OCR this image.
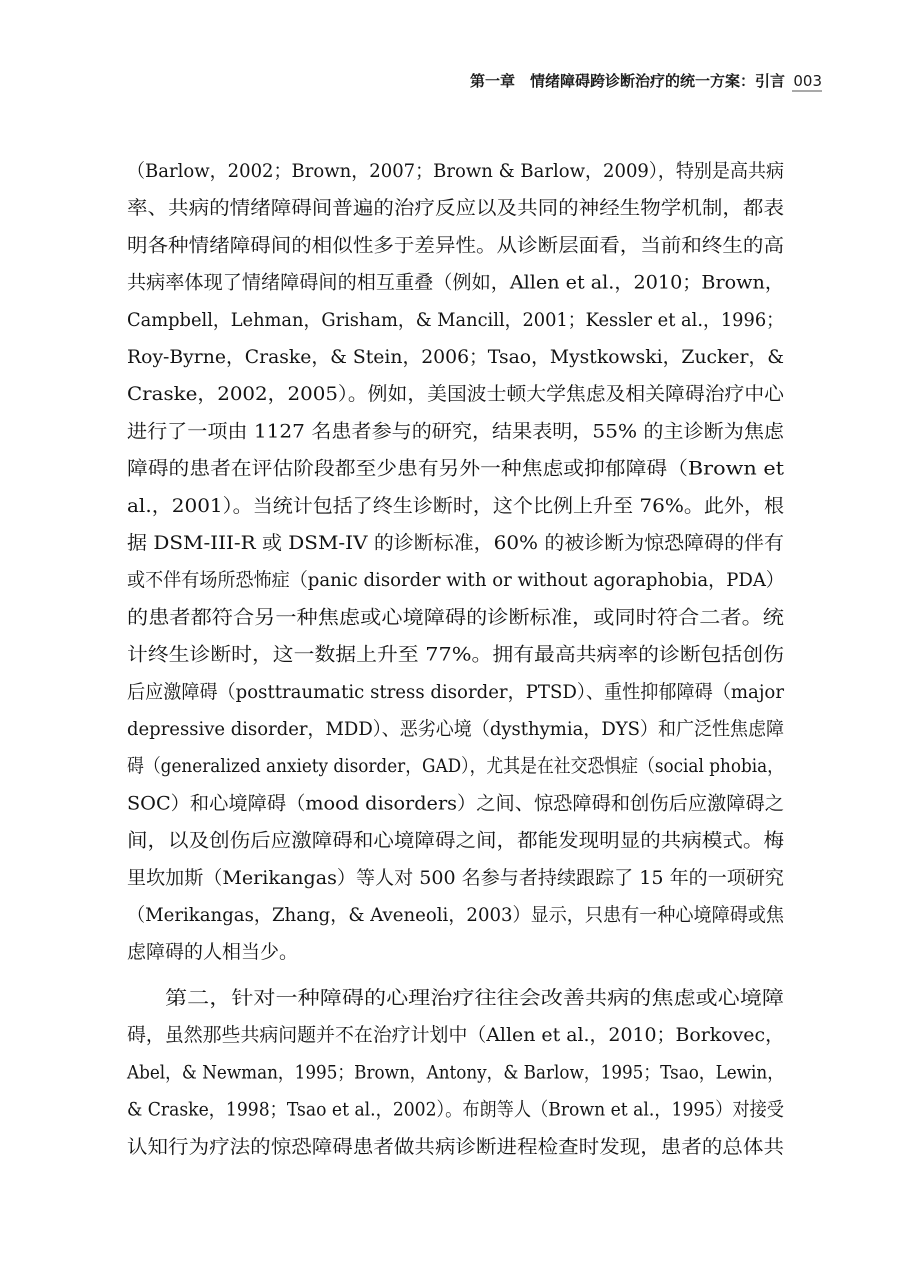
第一章 情绪障碍跨诊断治疗的统一方案：引言 003
（Barlow，2002；Brown，2007；Brown & Barlow，2009），特别是高共病
率、共病的情绪障碍间普遍的治疗反应以及共同的神经生物学机制，都表
明各种情绪障碍间的相似性多于差异性。从诊断层面看，当前和终生的高
共病率体现了情绪障碍间的相互重叠（例如，Allen et al.，2010；Brown，
Campbell，Lehman，Grisham，& Mancill，2001；Kessler et al.，1996；
Roy-Byrne，Craske，& Stein，2006；Tsao，Mystkowski，Zucker，&
Craske，2002，2005）。例如，美国波士顿大学焦虑及相关障碍治疗中心
进行了一项由 1127 名患者参与的研究，结果表明，55% 的主诊断为焦虑
障碍的患者在评估阶段都至少患有另外一种焦虑或抑郁障碍（Brown et
al.，2001）。当统计包括了终生诊断时，这个比例上升至 76%。此外，根
据 DSM-III-R 或 DSM-IV 的诊断标准，60% 的被诊断为惊恐障碍的伴有
或不伴有场所恐怖症（panic disorder with or without agoraphobia，PDA）
的患者都符合另一种焦虑或心境障碍的诊断标准，或同时符合二者。统
计终生诊断时，这一数据上升至 77%。拥有最高共病率的诊断包括创伤
后应激障碍（posttraumatic stress disorder，PTSD）、重性抑郁障碍（major
depressive disorder，MDD）、恶劣心境（dysthymia，DYS）和广泛性焦虑障
碍（generalized anxiety disorder，GAD），尤其是在社交恐惧症（social phobia，
SOC）和心境障碍（mood disorders）之间、惊恐障碍和创伤后应激障碍之
间，以及创伤后应激障碍和心境障碍之间，都能发现明显的共病模式。梅
里坎加斯（Merikangas）等人对 500 名参与者持续跟踪了 15 年的一项研究
（Merikangas，Zhang，& Aveneoli，2003）显示，只患有一种心境障碍或焦
虑障碍的人相当少。
第二，针对一种障碍的心理治疗往往会改善共病的焦虑或心境障
碍，虽然那些共病问题并不在治疗计划中（Allen et al.，2010；Borkovec，
Abel，& Newman，1995；Brown，Antony，& Barlow，1995；Tsao，Lewin，
& Craske，1998；Tsao et al.，2002）。布朗等人（Brown et al.，1995）对接受
认知行为疗法的惊恐障碍患者做共病诊断进程检查时发现，患者的总体共
